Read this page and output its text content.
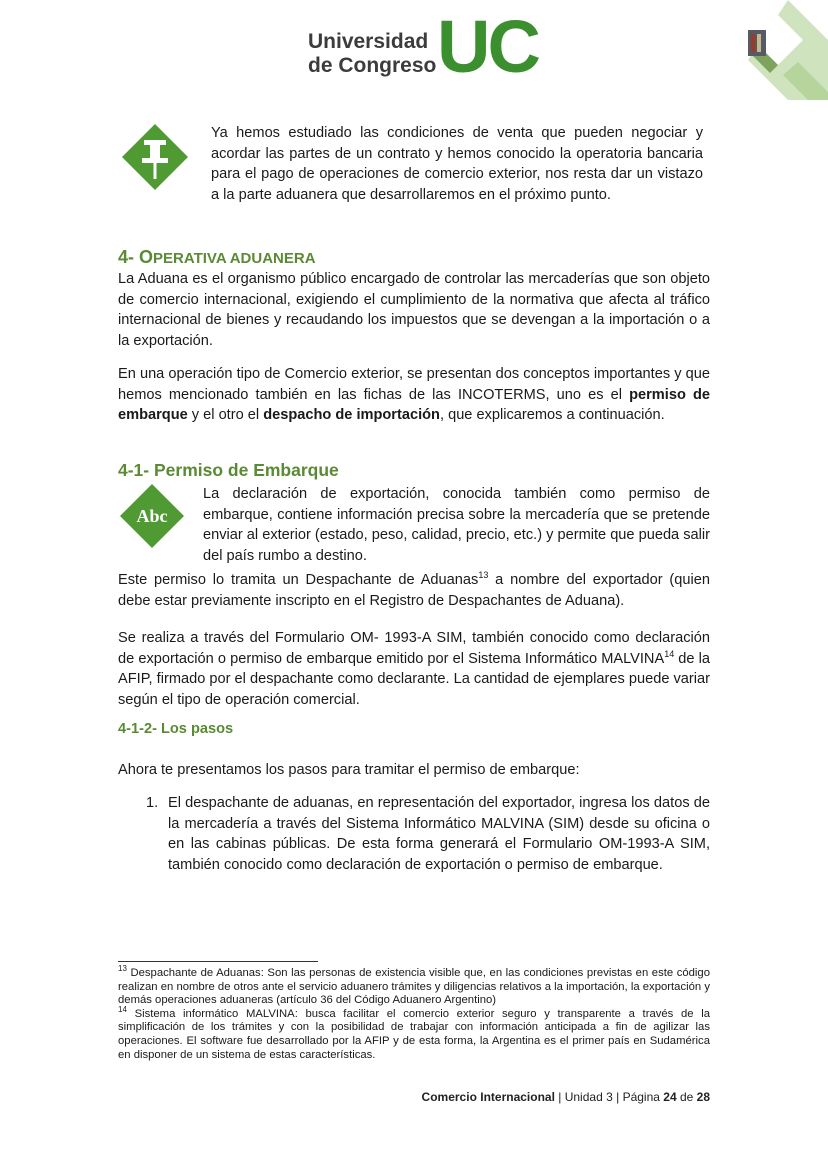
Universidad
de Congreso UC
Ya hemos estudiado las condiciones de venta que pueden negociar y acordar las partes de un contrato y hemos conocido la operatoria bancaria para el pago de operaciones de comercio exterior, nos resta dar un vistazo a la parte aduanera que desarrollaremos en el próximo punto.
4- OPERATIVA ADUANERA
La Aduana es el organismo público encargado de controlar las mercaderías que son objeto de comercio internacional, exigiendo el cumplimiento de la normativa que afecta al tráfico internacional de bienes y recaudando los impuestos que se devengan a la importación o a la exportación.
En una operación tipo de Comercio exterior, se presentan dos conceptos importantes y que hemos mencionado también en las fichas de las INCOTERMS, uno es el permiso de embarque y el otro el despacho de importación, que explicaremos a continuación.
4-1- Permiso de Embarque
Abc
La declaración de exportación, conocida también como permiso de embarque, contiene información precisa sobre la mercadería que se pretende enviar al exterior (estado, peso, calidad, precio, etc.) y permite que pueda salir del país rumbo a destino.
Este permiso lo tramita un Despachante de Aduanas$^{13}$ a nombre del exportador (quien debe estar previamente inscripto en el Registro de Despachantes de Aduana).
Se realiza a través del Formulario OM- 1993-A SIM, también conocido como declaración de exportación o permiso de embarque emitido por el Sistema Informático MALVINA$^{14}$ de la AFIP, firmado por el despachante como declarante. La cantidad de ejemplares puede variar según el tipo de operación comercial.
4-1-2- Los pasos
Ahora te presentamos los pasos para tramitar el permiso de embarque:
1. El despachante de aduanas, en representación del exportador, ingresa los datos de la mercadería a través del Sistema Informático MALVINA (SIM) desde su oficina o en las cabinas públicas. De esta forma generará el Formulario OM-1993-A SIM, también conocido como declaración de exportación o permiso de embarque.
$^{13}$ Despachante de Aduanas: Son las personas de existencia visible que, en las condiciones previstas en este código realizan en nombre de otros ante el servicio aduanero trámites y diligencias relativos a la importación, la exportación y demás operaciones aduaneras (artículo 36 del Código Aduanero Argentino)
$^{14}$ Sistema informático MALVINA: busca facilitar el comercio exterior seguro y transparente a través de la simplificación de los trámites y con la posibilidad de trabajar con información anticipada a fin de agilizar las operaciones. El software fue desarrollado por la AFIP y de esta forma, la Argentina es el primer país en Sudamérica en disponer de un sistema de estas características.
Comercio Internacional | Unidad 3 | Página 24 de 28
